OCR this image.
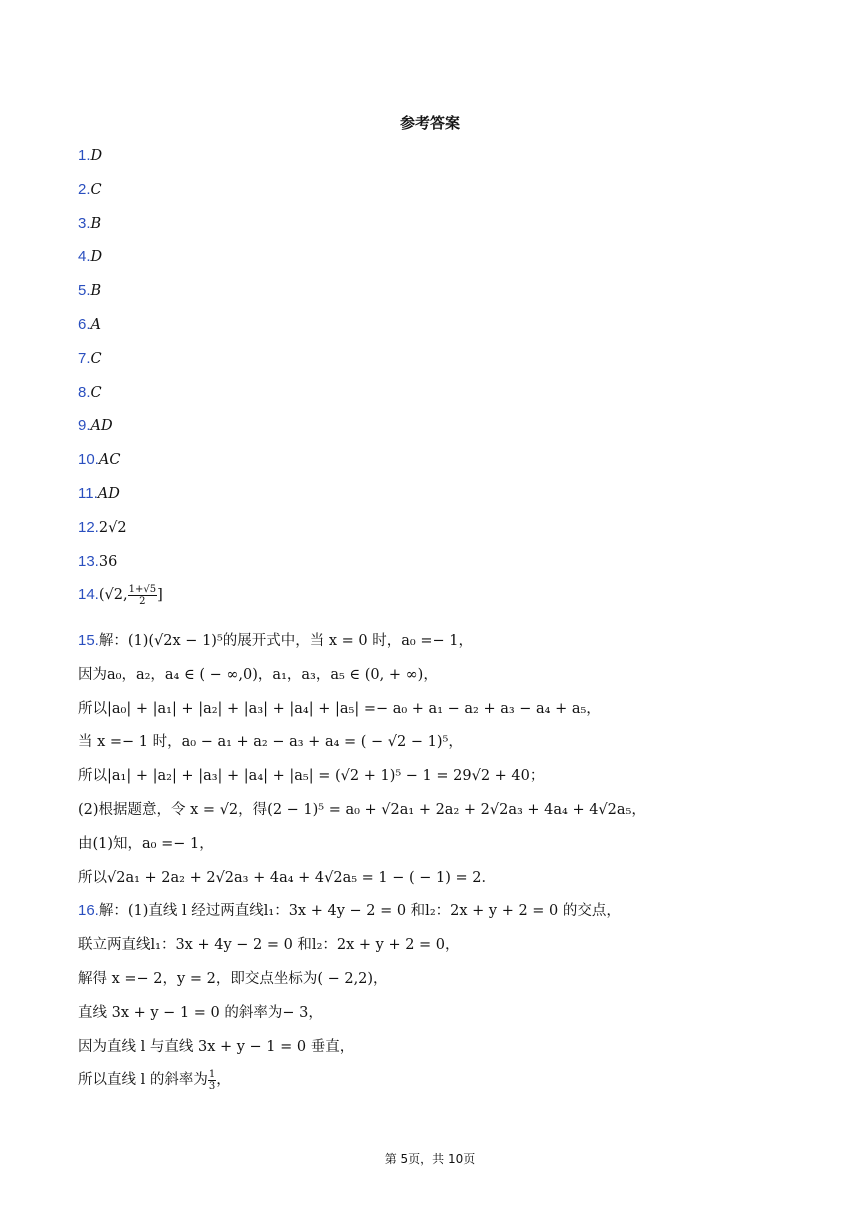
参考答案
1.D
2.C
3.B
4.D
5.B
6.A
7.C
8.C
9.AD
10.AC
11.AD
12.2√2
13.36
14.(√2, $\frac{1+√5}{2}$ ]
15.解：(1)(√2x − 1)⁵的展开式中，当 x = 0 时，a₀ =− 1，
因为a₀，a₂，a₄ ∈ ( − ∞,0)，a₁，a₃，a₅ ∈ (0, + ∞)，
所以|a₀| + |a₁| + |a₂| + |a₃| + |a₄| + |a₅| =− a₀ + a₁ − a₂ + a₃ − a₄ + a₅，
当 x =− 1 时，a₀ − a₁ + a₂ − a₃ + a₄ = ( − √2 − 1)⁵，
所以|a₁| + |a₂| + |a₃| + |a₄| + |a₅| = (√2 + 1)⁵ − 1 = 29√2 + 40；
(2)根据题意，令 x = √2，得(2 − 1)⁵ = a₀ + √2a₁ + 2a₂ + 2√2a₃ + 4a₄ + 4√2a₅，
由(1)知，a₀ =− 1，
所以√2a₁ + 2a₂ + 2√2a₃ + 4a₄ + 4√2a₅ = 1 − ( − 1) = 2．
16.解：(1)直线 l 经过两直线l₁：3x + 4y − 2 = 0 和l₂：2x + y + 2 = 0 的交点，
联立两直线l₁：3x + 4y − 2 = 0 和l₂：2x + y + 2 = 0，
解得 x =− 2，y = 2，即交点坐标为( − 2,2)，
直线 3x + y − 1 = 0 的斜率为− 3，
因为直线 l 与直线 3x + y − 1 = 0 垂直，
所以直线 l 的斜率为 $\frac{1}{3}$ ，
第 5页，共 10页
